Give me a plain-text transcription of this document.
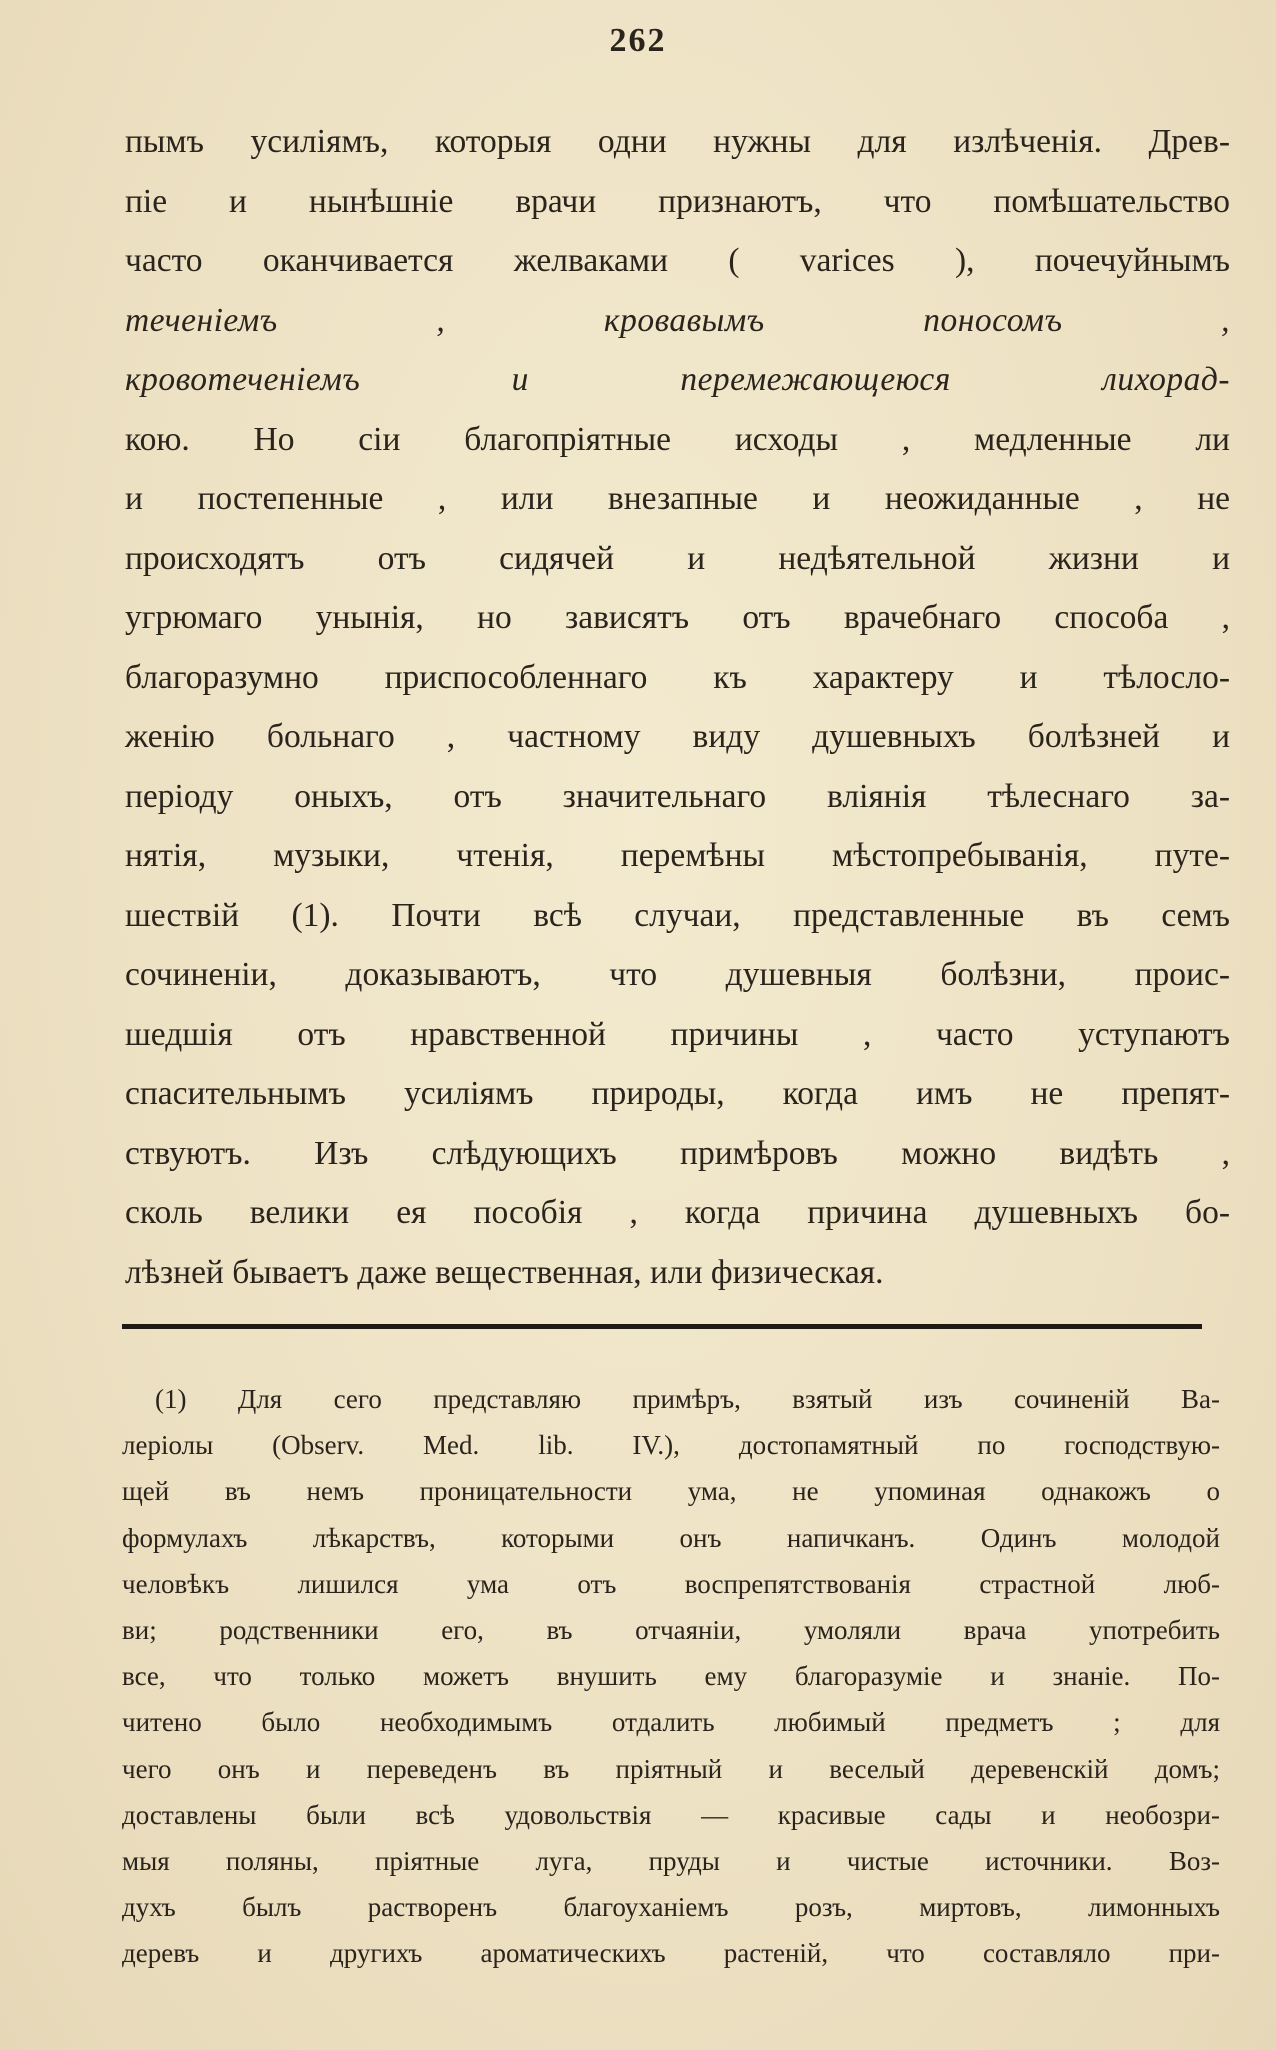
262
пымъ усиліямъ, которыя одни нужны для излѣченія. Древ-
піе и нынѣшніе врачи признаютъ, что помѣшательство
часто оканчивается желваками ( varices ), почечуйнымъ
теченіемъ , кровавымъ поносомъ ,
кровотеченіемъ и перемежающеюся лихорад-
кою. Но сіи благопріятные исходы , медленные ли
и постепенные , или внезапные и неожиданные , не
происходятъ отъ сидячей и недѣятельной жизни и
угрюмаго унынія, но зависятъ отъ врачебнаго способа ,
благоразумно приспособленнаго къ характеру и тѣлосло-
женію больнаго , частному виду душевныхъ болѣзней и
періоду оныхъ, отъ значительнаго вліянія тѣлеснаго за-
нятія, музыки, чтенія, перемѣны мѣстопребыванія, путе-
шествій (1). Почти всѣ случаи, представленные въ семъ
сочиненіи, доказываютъ, что душевныя болѣзни, проис-
шедшія отъ нравственной причины , часто уступаютъ
спасительнымъ усиліямъ природы, когда имъ не препят-
ствуютъ. Изъ слѣдующихъ примѣровъ можно видѣть ,
сколь велики ея пособія , когда причина душевныхъ бо-
лѣзней бываетъ даже вещественная, или физическая.
(1) Для сего представляю примѣръ, взятый изъ сочиненій Ва-
леріолы (Observ. Med. lib. IV.), достопамятный по господствую-
щей въ немъ проницательности ума, не упоминая однакожъ о
формулахъ лѣкарствъ, которыми онъ напичканъ. Одинъ молодой
человѣкъ лишился ума отъ воспрепятствованія страстной люб-
ви; родственники его, въ отчаяніи, умоляли врача употребить
все, что только можетъ внушить ему благоразуміе и знаніе. По-
читено было необходимымъ отдалить любимый предметъ ; для
чего онъ и переведенъ въ пріятный и веселый деревенскій домъ;
доставлены были всѣ удовольствія — красивые сады и необозри-
мыя поляны, пріятные луга, пруды и чистые источники. Воз-
духъ былъ растворенъ благоуханіемъ розъ, миртовъ, лимонныхъ
деревъ и другихъ ароматическихъ растеній, что составляло при-
